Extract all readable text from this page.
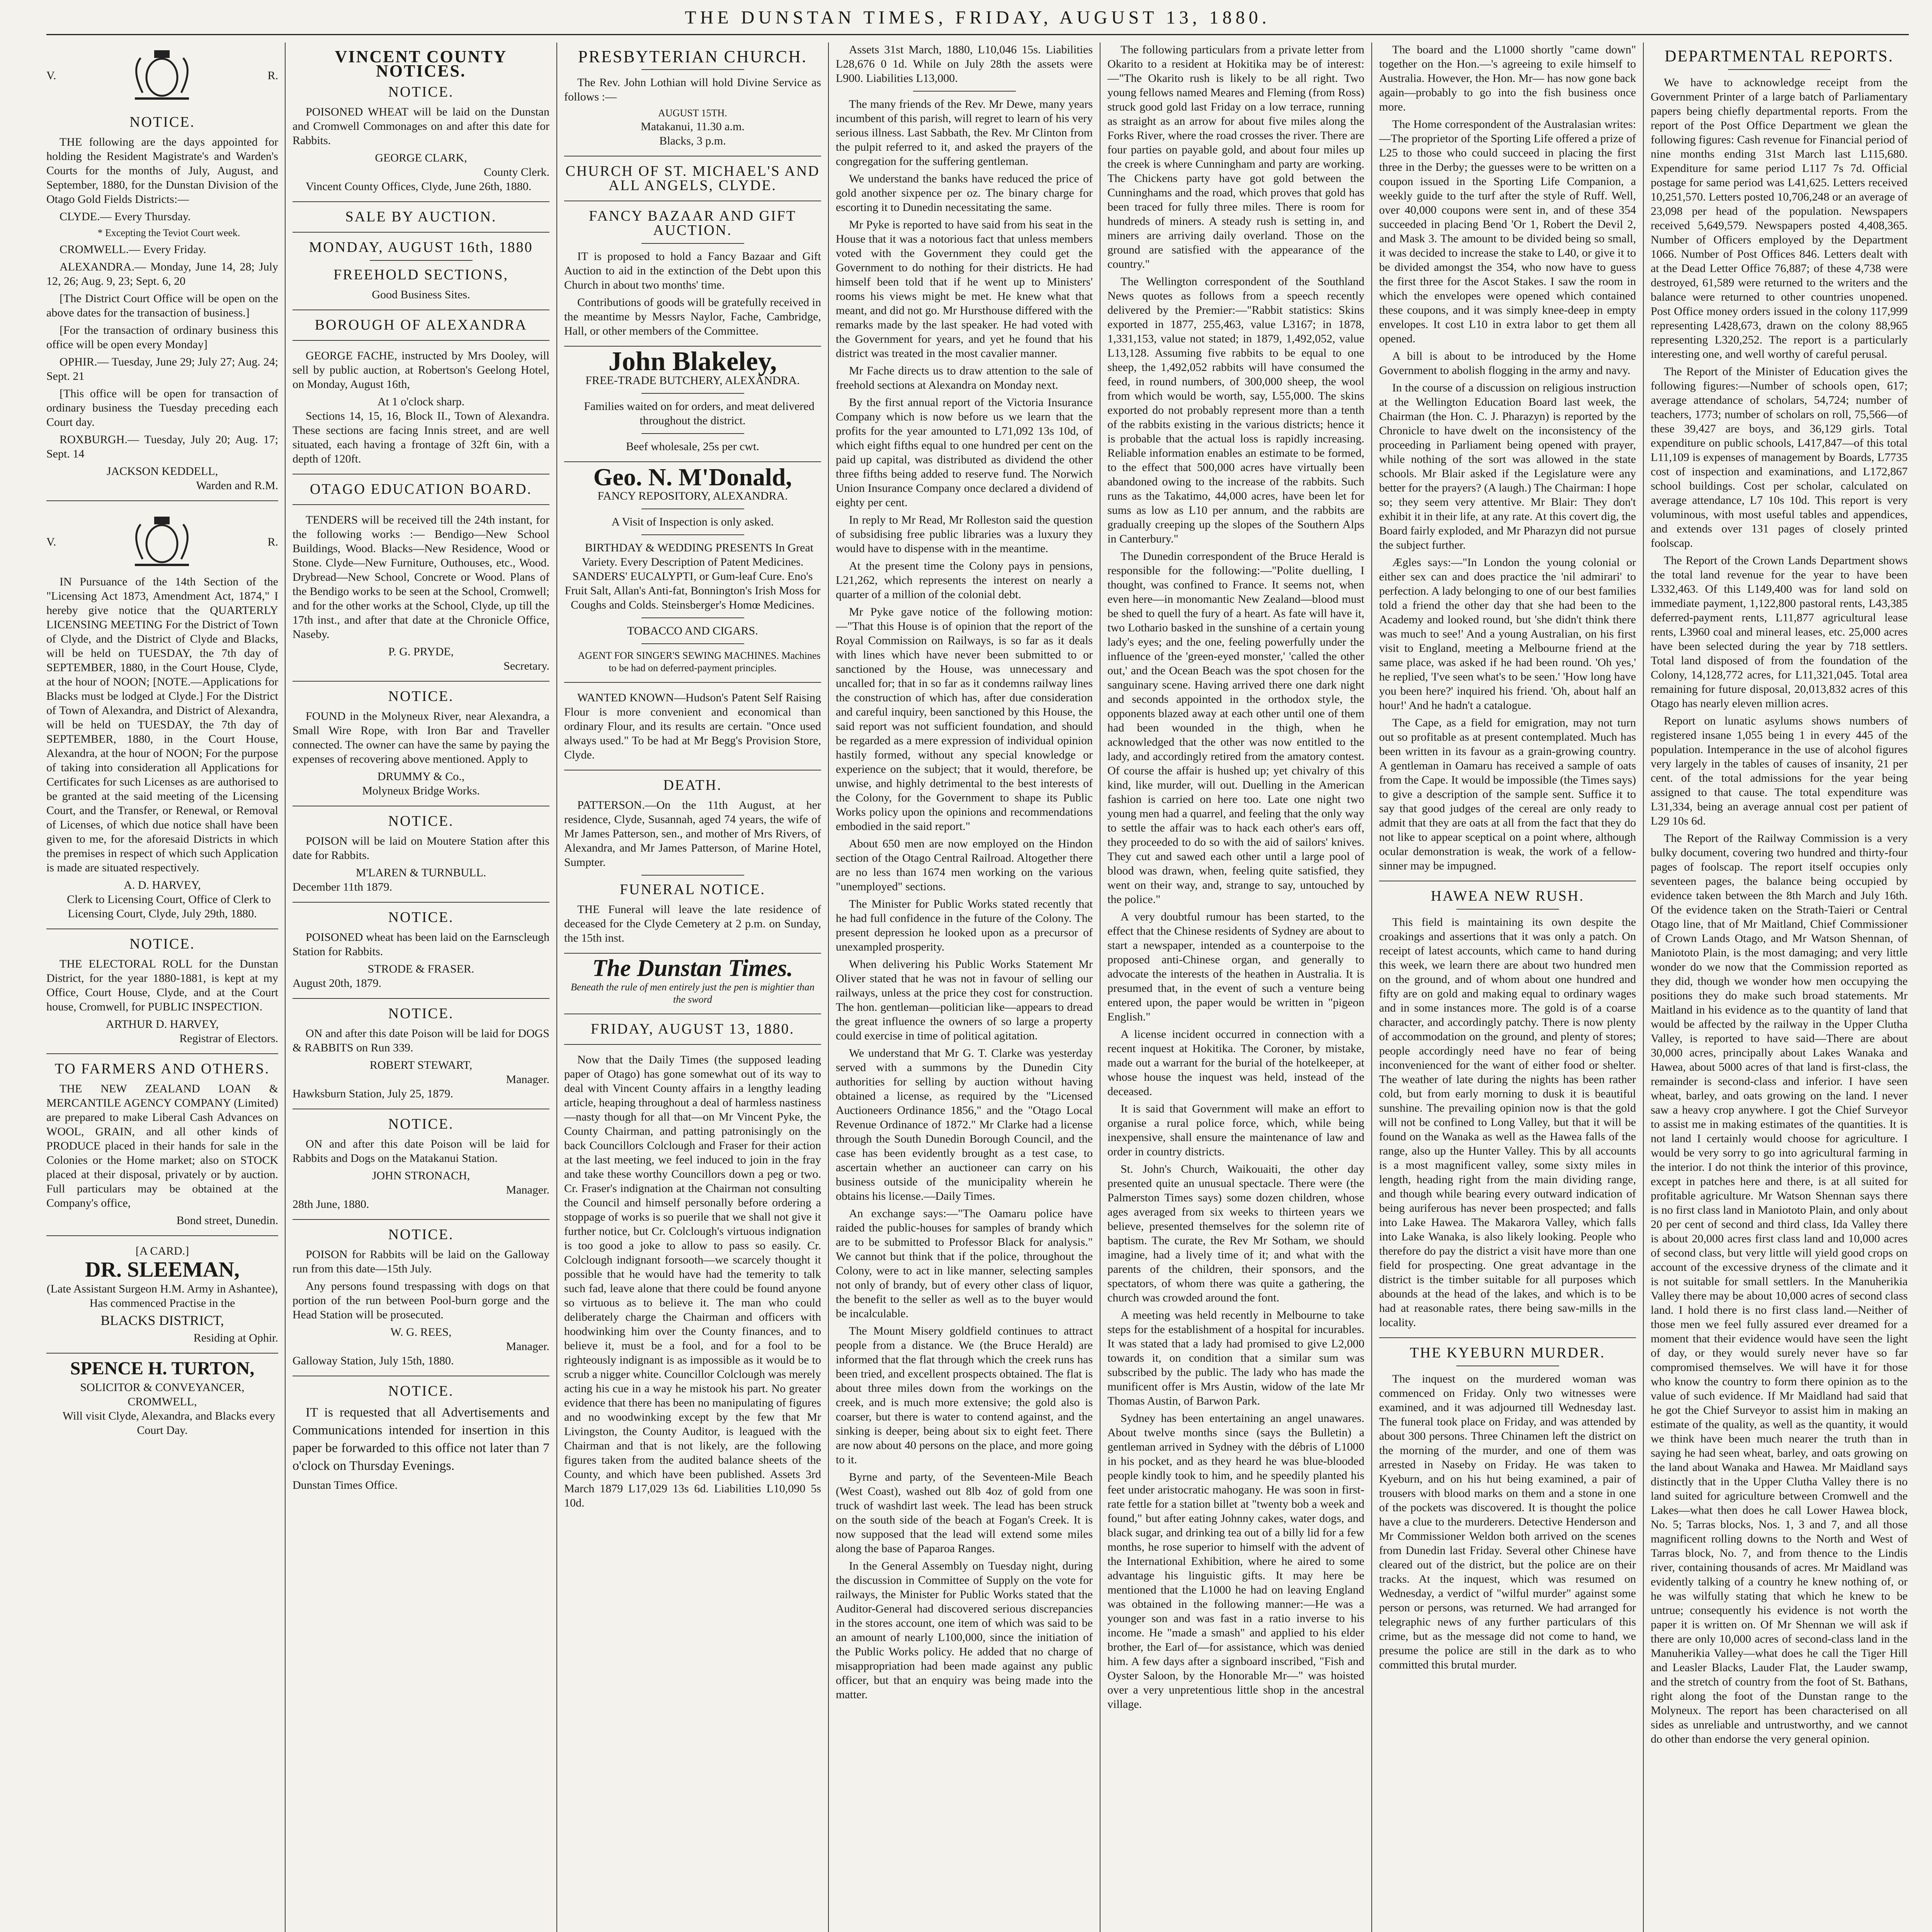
THE DUNSTAN TIMES, FRIDAY, AUGUST 13, 1880.
V.	R.
NOTICE.

THE following are the days appointed for holding the Resident Magistrate's and Warden's Courts for the months of July, August, and September, 1880, for the Dunstan Division of the Otago Gold Fields Districts:—

CLYDE.— Every Thursday.

* Excepting the Teviot Court week.

CROMWELL.— Every Friday.

ALEXANDRA.— Monday, June 14, 28; July 12, 26; Aug. 9, 23; Sept. 6, 20

[The District Court Office will be open on the above dates for the transaction of business.]

[For the transaction of ordinary business this office will be open every Monday]

OPHIR.— Tuesday, June 29; July 27; Aug. 24; Sept. 21

[This office will be open for transaction of ordinary business the Tuesday preceding each Court day.

ROXBURGH.— Tuesday, July 20; Aug. 17; Sept. 14

JACKSON KEDDELL,
Warden and R.M.
V.	R.

IN Pursuance of the 14th Section of the "Licensing Act 1873, Amendment Act, 1874," I hereby give notice that the QUARTERLY LICENSING MEETING For the District of Town of Clyde, and the District of Clyde and Blacks, will be held on TUESDAY, the 7th day of SEPTEMBER, 1880, in the Court House, Clyde, at the hour of NOON; [NOTE.—Applications for Blacks must be lodged at Clyde.] For the District of Town of Alexandra, and District of Alexandra, will be held on TUESDAY, the 7th day of SEPTEMBER, 1880, in the Court House, Alexandra, at the hour of NOON; For the purpose of taking into consideration all Applications for Certificates for such Licenses as are authorised to be granted at the said meeting of the Licensing Court, and the Transfer, or Renewal, or Removal of Licenses, of which due notice shall have been given to me, for the aforesaid Districts in which the premises in respect of which such Application is made are situated respectively.

A. D. HARVEY,

Clerk to Licensing Court, Office of Clerk to Licensing Court, Clyde, July 29th, 1880.

NOTICE.

THE ELECTORAL ROLL for the Dunstan District, for the year 1880-1881, is kept at my Office, Court House, Clyde, and at the Court house, Cromwell, for PUBLIC INSPECTION.

ARTHUR D. HARVEY,
Registrar of Electors.
TO FARMERS AND OTHERS.

THE NEW ZEALAND LOAN & MERCANTILE AGENCY COMPANY (Limited) are prepared to make Liberal Cash Advances on WOOL, GRAIN, and all other kinds of PRODUCE placed in their hands for sale in the Colonies or the Home market; also on STOCK placed at their disposal, privately or by auction. Full particulars may be obtained at the Company's office,

Bond street, Dunedin.
[A CARD.]
DR. SLEEMAN,
(Late Assistant Surgeon H.M. Army in Ashantee),
Has commenced Practise in the
BLACKS DISTRICT,
Residing at Ophir.
SPENCE H. TURTON,
SOLICITOR & CONVEYANCER,
CROMWELL,

Will visit Clyde, Alexandra, and Blacks every Court Day.

VINCENT COUNTY NOTICES.
NOTICE.

POISONED WHEAT will be laid on the Dunstan and Cromwell Commonages on and after this date for Rabbits.

GEORGE CLARK,
County Clerk.

Vincent County Offices, Clyde, June 26th, 1880.

SALE BY AUCTION.
MONDAY, AUGUST 16th, 1880
FREEHOLD SECTIONS,
Good Business Sites.
BOROUGH OF ALEXANDRA

GEORGE FACHE, instructed by Mrs Dooley, will sell by public auction, at Robertson's Geelong Hotel, on Monday, August 16th,

At 1 o'clock sharp.

Sections 14, 15, 16, Block II., Town of Alexandra. These sections are facing Innis street, and are well situated, each having a frontage of 32ft 6in, with a depth of 120ft.

OTAGO EDUCATION BOARD.

TENDERS will be received till the 24th instant, for the following works :— Bendigo—New School Buildings, Wood. Blacks—New Residence, Wood or Stone. Clyde—New Furniture, Outhouses, etc., Wood. Drybread—New School, Concrete or Wood. Plans of the Bendigo works to be seen at the School, Cromwell; and for the other works at the School, Clyde, up till the 17th inst., and after that date at the Chronicle Office, Naseby.

P. G. PRYDE,
Secretary.
NOTICE.

FOUND in the Molyneux River, near Alexandra, a Small Wire Rope, with Iron Bar and Traveller connected. The owner can have the same by paying the expenses of recovering above mentioned. Apply to

DRUMMY & Co.,
Molyneux Bridge Works.
NOTICE.

POISON will be laid on Moutere Station after this date for Rabbits.

M'LAREN & TURNBULL.
December 11th 1879.
NOTICE.

POISONED wheat has been laid on the Earnscleugh Station for Rabbits.

STRODE & FRASER.
August 20th, 1879.
NOTICE.

ON and after this date Poison will be laid for DOGS & RABBITS on Run 339.

ROBERT STEWART,
Manager.
Hawksburn Station, July 25, 1879.
NOTICE.

ON and after this date Poison will be laid for Rabbits and Dogs on the Matakanui Station.

JOHN STRONACH,
Manager.
28th June, 1880.
NOTICE.

POISON for Rabbits will be laid on the Galloway run from this date—15th July.

Any persons found trespassing with dogs on that portion of the run between Pool-burn gorge and the Head Station will be prosecuted.

W. G. REES,
Manager.
Galloway Station, July 15th, 1880.
NOTICE.

IT is requested that all Advertisements and Communications intended for insertion in this paper be forwarded to this office not later than 7 o'clock on Thursday Evenings.

Dunstan Times Office.
PRESBYTERIAN CHURCH.

The Rev. John Lothian will hold Divine Service as follows :—

AUGUST 15TH.
Matakanui, 11.30 a.m.
Blacks, 3 p.m.
CHURCH OF ST. MICHAEL'S AND ALL ANGELS, CLYDE.
FANCY BAZAAR AND GIFT AUCTION.

IT is proposed to hold a Fancy Bazaar and Gift Auction to aid in the extinction of the Debt upon this Church in about two months' time.

Contributions of goods will be gratefully received in the meantime by Messrs Naylor, Fache, Cambridge, Hall, or other members of the Committee.

John Blakeley,
FREE-TRADE BUTCHERY, ALEXANDRA.

Families waited on for orders, and meat delivered throughout the district.

Beef wholesale, 25s per cwt.
Geo. N. M'Donald,
FANCY REPOSITORY, ALEXANDRA.
A Visit of Inspection is only asked.

BIRTHDAY & WEDDING PRESENTS In Great Variety. Every Description of Patent Medicines. SANDERS' EUCALYPTI, or Gum-leaf Cure. Eno's Fruit Salt, Allan's Anti-fat, Bonnington's Irish Moss for Coughs and Colds. Steinsberger's Homœ Medicines.

TOBACCO AND CIGARS.

AGENT FOR SINGER'S SEWING MACHINES. Machines to be had on deferred-payment principles.

WANTED KNOWN—Hudson's Patent Self Raising Flour is more convenient and economical than ordinary Flour, and its results are certain. "Once used always used." To be had at Mr Begg's Provision Store, Clyde.

DEATH.

PATTERSON.—On the 11th August, at her residence, Clyde, Susannah, aged 74 years, the wife of Mr James Patterson, sen., and mother of Mrs Rivers, of Alexandra, and Mr James Patterson, of Marine Hotel, Sumpter.

FUNERAL NOTICE.

THE Funeral will leave the late residence of deceased for the Clyde Cemetery at 2 p.m. on Sunday, the 15th inst.

The Dunstan Times.
Beneath the rule of men entirely just the pen is mightier than the sword
FRIDAY, AUGUST 13, 1880.

Now that the Daily Times (the supposed leading paper of Otago) has gone somewhat out of its way to deal with Vincent County affairs in a lengthy leading article, heaping throughout a deal of harmless nastiness—nasty though for all that—on Mr Vincent Pyke, the County Chairman, and patting patronisingly on the back Councillors Colclough and Fraser for their action at the last meeting, we feel induced to join in the fray and take these worthy Councillors down a peg or two. Cr. Fraser's indignation at the Chairman not consulting the Council and himself personally before ordering a stoppage of works is so puerile that we shall not give it further notice, but Cr. Colclough's virtuous indignation is too good a joke to allow to pass so easily. Cr. Colclough indignant forsooth—we scarcely thought it possible that he would have had the temerity to talk such fad, leave alone that there could be found anyone so virtuous as to believe it. The man who could deliberately charge the Chairman and officers with hoodwinking him over the County finances, and to believe it, must be a fool, and for a fool to be righteously indignant is as impossible as it would be to scrub a nigger white. Councillor Colclough was merely acting his cue in a way he mistook his part. No greater evidence that there has been no manipulating of figures and no woodwinking except by the few that Mr Livingston, the County Auditor, is leagued with the Chairman and that is not likely, are the following figures taken from the audited balance sheets of the County, and which have been published. Assets 3rd March 1879 L17,029 13s 6d. Liabilities L10,090 5s 10d.

Assets 31st March, 1880, L10,046 15s. Liabilities L28,676 0 1d. While on July 28th the assets were L900. Liabilities L13,000.

The many friends of the Rev. Mr Dewe, many years incumbent of this parish, will regret to learn of his very serious illness. Last Sabbath, the Rev. Mr Clinton from the pulpit referred to it, and asked the prayers of the congregation for the suffering gentleman.

We understand the banks have reduced the price of gold another sixpence per oz. The binary charge for escorting it to Dunedin necessitating the same.

Mr Pyke is reported to have said from his seat in the House that it was a notorious fact that unless members voted with the Government they could get the Government to do nothing for their districts. He had himself been told that if he went up to Ministers' rooms his views might be met. He knew what that meant, and did not go. Mr Hursthouse differed with the remarks made by the last speaker. He had voted with the Government for years, and yet he found that his district was treated in the most cavalier manner.

Mr Fache directs us to draw attention to the sale of freehold sections at Alexandra on Monday next.

By the first annual report of the Victoria Insurance Company which is now before us we learn that the profits for the year amounted to L71,092 13s 10d, of which eight fifths equal to one hundred per cent on the paid up capital, was distributed as dividend the other three fifths being added to reserve fund. The Norwich Union Insurance Company once declared a dividend of eighty per cent.

In reply to Mr Read, Mr Rolleston said the question of subsidising free public libraries was a luxury they would have to dispense with in the meantime.

At the present time the Colony pays in pensions, L21,262, which represents the interest on nearly a quarter of a million of the colonial debt.

Mr Pyke gave notice of the following motion:—"That this House is of opinion that the report of the Royal Commission on Railways, is so far as it deals with lines which have never been submitted to or sanctioned by the House, was unnecessary and uncalled for; that in so far as it condemns railway lines the construction of which has, after due consideration and careful inquiry, been sanctioned by this House, the said report was not sufficient foundation, and should be regarded as a mere expression of individual opinion hastily formed, without any special knowledge or experience on the subject; that it would, therefore, be unwise, and highly detrimental to the best interests of the Colony, for the Government to shape its Public Works policy upon the opinions and recommendations embodied in the said report."

About 650 men are now employed on the Hindon section of the Otago Central Railroad. Altogether there are no less than 1674 men working on the various "unemployed" sections.

The Minister for Public Works stated recently that he had full confidence in the future of the Colony. The present depression he looked upon as a precursor of unexampled prosperity.

When delivering his Public Works Statement Mr Oliver stated that he was not in favour of selling our railways, unless at the price they cost for construction. The hon. gentleman—politician like—appears to dread the great influence the owners of so large a property could exercise in time of political agitation.

We understand that Mr G. T. Clarke was yesterday served with a summons by the Dunedin City authorities for selling by auction without having obtained a license, as required by the "Licensed Auctioneers Ordinance 1856," and the "Otago Local Revenue Ordinance of 1872." Mr Clarke had a license through the South Dunedin Borough Council, and the case has been evidently brought as a test case, to ascertain whether an auctioneer can carry on his business outside of the municipality wherein he obtains his license.—Daily Times.

An exchange says:—"The Oamaru police have raided the public-houses for samples of brandy which are to be submitted to Professor Black for analysis." We cannot but think that if the police, throughout the Colony, were to act in like manner, selecting samples not only of brandy, but of every other class of liquor, the benefit to the seller as well as to the buyer would be incalculable.

The Mount Misery goldfield continues to attract people from a distance. We (the Bruce Herald) are informed that the flat through which the creek runs has been tried, and excellent prospects obtained. The flat is about three miles down from the workings on the creek, and is much more extensive; the gold also is coarser, but there is water to contend against, and the sinking is deeper, being about six to eight feet. There are now about 40 persons on the place, and more going to it.

Byrne and party, of the Seventeen-Mile Beach (West Coast), washed out 8lb 4oz of gold from one truck of washdirt last week. The lead has been struck on the south side of the beach at Fogan's Creek. It is now supposed that the lead will extend some miles along the base of Paparoa Ranges.

In the General Assembly on Tuesday night, during the discussion in Committee of Supply on the vote for railways, the Minister for Public Works stated that the Auditor-General had discovered serious discrepancies in the stores account, one item of which was said to be an amount of nearly L100,000, since the initiation of the Public Works policy. He added that no charge of misappropriation had been made against any public officer, but that an enquiry was being made into the matter.

The following particulars from a private letter from Okarito to a resident at Hokitika may be of interest:—"The Okarito rush is likely to be all right. Two young fellows named Meares and Fleming (from Ross) struck good gold last Friday on a low terrace, running as straight as an arrow for about five miles along the Forks River, where the road crosses the river. There are four parties on payable gold, and about four miles up the creek is where Cunningham and party are working. The Chickens party have got gold between the Cunninghams and the road, which proves that gold has been traced for fully three miles. There is room for hundreds of miners. A steady rush is setting in, and miners are arriving daily overland. Those on the ground are satisfied with the appearance of the country."

The Wellington correspondent of the Southland News quotes as follows from a speech recently delivered by the Premier:—"Rabbit statistics: Skins exported in 1877, 255,463, value L3167; in 1878, 1,331,153, value not stated; in 1879, 1,492,052, value L13,128. Assuming five rabbits to be equal to one sheep, the 1,492,052 rabbits will have consumed the feed, in round numbers, of 300,000 sheep, the wool from which would be worth, say, L55,000. The skins exported do not probably represent more than a tenth of the rabbits existing in the various districts; hence it is probable that the actual loss is rapidly increasing. Reliable information enables an estimate to be formed, to the effect that 500,000 acres have virtually been abandoned owing to the increase of the rabbits. Such runs as the Takatimo, 44,000 acres, have been let for sums as low as L10 per annum, and the rabbits are gradually creeping up the slopes of the Southern Alps in Canterbury."

The Dunedin correspondent of the Bruce Herald is responsible for the following:—"Polite duelling, I thought, was confined to France. It seems not, when even here—in monomantic New Zealand—blood must be shed to quell the fury of a heart. As fate will have it, two Lothario basked in the sunshine of a certain young lady's eyes; and the one, feeling powerfully under the influence of the 'green-eyed monster,' 'called the other out,' and the Ocean Beach was the spot chosen for the sanguinary scene. Having arrived there one dark night and seconds appointed in the orthodox style, the opponents blazed away at each other until one of them had been wounded in the thigh, when he acknowledged that the other was now entitled to the lady, and accordingly retired from the amatory contest. Of course the affair is hushed up; yet chivalry of this kind, like murder, will out. Duelling in the American fashion is carried on here too. Late one night two young men had a quarrel, and feeling that the only way to settle the affair was to hack each other's ears off, they proceeded to do so with the aid of sailors' knives. They cut and sawed each other until a large pool of blood was drawn, when, feeling quite satisfied, they went on their way, and, strange to say, untouched by the police."

A very doubtful rumour has been started, to the effect that the Chinese residents of Sydney are about to start a newspaper, intended as a counterpoise to the proposed anti-Chinese organ, and generally to advocate the interests of the heathen in Australia. It is presumed that, in the event of such a venture being entered upon, the paper would be written in "pigeon English."

A license incident occurred in connection with a recent inquest at Hokitika. The Coroner, by mistake, made out a warrant for the burial of the hotelkeeper, at whose house the inquest was held, instead of the deceased.

It is said that Government will make an effort to organise a rural police force, which, while being inexpensive, shall ensure the maintenance of law and order in country districts.

St. John's Church, Waikouaiti, the other day presented quite an unusual spectacle. There were (the Palmerston Times says) some dozen children, whose ages averaged from six weeks to thirteen years we believe, presented themselves for the solemn rite of baptism. The curate, the Rev Mr Sotham, we should imagine, had a lively time of it; and what with the parents of the children, their sponsors, and the spectators, of whom there was quite a gathering, the church was crowded around the font.

A meeting was held recently in Melbourne to take steps for the establishment of a hospital for incurables. It was stated that a lady had promised to give L2,000 towards it, on condition that a similar sum was subscribed by the public. The lady who has made the munificent offer is Mrs Austin, widow of the late Mr Thomas Austin, of Barwon Park.

Sydney has been entertaining an angel unawares. About twelve months since (says the Bulletin) a gentleman arrived in Sydney with the débris of L1000 in his pocket, and as they heard he was blue-blooded people kindly took to him, and he speedily planted his feet under aristocratic mahogany. He was soon in first-rate fettle for a station billet at "twenty bob a week and found," but after eating Johnny cakes, water dogs, and black sugar, and drinking tea out of a billy lid for a few months, he rose superior to himself with the advent of the International Exhibition, where he aired to some advantage his linguistic gifts. It may here be mentioned that the L1000 he had on leaving England was obtained in the following manner:—He was a younger son and was fast in a ratio inverse to his income. He "made a smash" and applied to his elder brother, the Earl of—for assistance, which was denied him. A few days after a signboard inscribed, "Fish and Oyster Saloon, by the Honorable Mr—" was hoisted over a very unpretentious little shop in the ancestral village.

The board and the L1000 shortly "came down" together on the Hon.—'s agreeing to exile himself to Australia. However, the Hon. Mr— has now gone back again—probably to go into the fish business once more.

The Home correspondent of the Australasian writes:—The proprietor of the Sporting Life offered a prize of L25 to those who could succeed in placing the first three in the Derby; the guesses were to be written on a coupon issued in the Sporting Life Companion, a weekly guide to the turf after the style of Ruff. Well, over 40,000 coupons were sent in, and of these 354 succeeded in placing Bend 'Or 1, Robert the Devil 2, and Mask 3. The amount to be divided being so small, it was decided to increase the stake to L40, or give it to be divided amongst the 354, who now have to guess the first three for the Ascot Stakes. I saw the room in which the envelopes were opened which contained these coupons, and it was simply knee-deep in empty envelopes. It cost L10 in extra labor to get them all opened.

A bill is about to be introduced by the Home Government to abolish flogging in the army and navy.

In the course of a discussion on religious instruction at the Wellington Education Board last week, the Chairman (the Hon. C. J. Pharazyn) is reported by the Chronicle to have dwelt on the inconsistency of the proceeding in Parliament being opened with prayer, while nothing of the sort was allowed in the state schools. Mr Blair asked if the Legislature were any better for the prayers? (A laugh.) The Chairman: I hope so; they seem very attentive. Mr Blair: They don't exhibit it in their life, at any rate. At this covert dig, the Board fairly exploded, and Mr Pharazyn did not pursue the subject further.

Ægles says:—"In London the young colonial or either sex can and does practice the 'nil admirari' to perfection. A lady belonging to one of our best families told a friend the other day that she had been to the Academy and looked round, but 'she didn't think there was much to see!' And a young Australian, on his first visit to England, meeting a Melbourne friend at the same place, was asked if he had been round. 'Oh yes,' he replied, 'I've seen what's to be seen.' 'How long have you been here?' inquired his friend. 'Oh, about half an hour!' And he hadn't a catalogue.

The Cape, as a field for emigration, may not turn out so profitable as at present contemplated. Much has been written in its favour as a grain-growing country. A gentleman in Oamaru has received a sample of oats from the Cape. It would be impossible (the Times says) to give a description of the sample sent. Suffice it to say that good judges of the cereal are only ready to admit that they are oats at all from the fact that they do not like to appear sceptical on a point where, although ocular demonstration is weak, the work of a fellow-sinner may be impugned.

HAWEA NEW RUSH.

This field is maintaining its own despite the croakings and assertions that it was only a patch. On receipt of latest accounts, which came to hand during this week, we learn there are about two hundred men on the ground, and of whom about one hundred and fifty are on gold and making equal to ordinary wages and in some instances more. The gold is of a coarse character, and accordingly patchy. There is now plenty of accommodation on the ground, and plenty of stores; people accordingly need have no fear of being inconvenienced for the want of either food or shelter. The weather of late during the nights has been rather cold, but from early morning to dusk it is beautiful sunshine. The prevailing opinion now is that the gold will not be confined to Long Valley, but that it will be found on the Wanaka as well as the Hawea falls of the range, also up the Hunter Valley. This by all accounts is a most magnificent valley, some sixty miles in length, heading right from the main dividing range, and though while bearing every outward indication of being auriferous has never been prospected; and falls into Lake Hawea. The Makarora Valley, which falls into Lake Wanaka, is also likely looking. People who therefore do pay the district a visit have more than one field for prospecting. One great advantage in the district is the timber suitable for all purposes which abounds at the head of the lakes, and which is to be had at reasonable rates, there being saw-mills in the locality.

THE KYEBURN MURDER.

The inquest on the murdered woman was commenced on Friday. Only two witnesses were examined, and it was adjourned till Wednesday last. The funeral took place on Friday, and was attended by about 300 persons. Three Chinamen left the district on the morning of the murder, and one of them was arrested in Naseby on Friday. He was taken to Kyeburn, and on his hut being examined, a pair of trousers with blood marks on them and a stone in one of the pockets was discovered. It is thought the police have a clue to the murderers. Detective Henderson and Mr Commissioner Weldon both arrived on the scenes from Dunedin last Friday. Several other Chinese have cleared out of the district, but the police are on their tracks. At the inquest, which was resumed on Wednesday, a verdict of "wilful murder" against some person or persons, was returned. We had arranged for telegraphic news of any further particulars of this crime, but as the message did not come to hand, we presume the police are still in the dark as to who committed this brutal murder.

DEPARTMENTAL REPORTS.

We have to acknowledge receipt from the Government Printer of a large batch of Parliamentary papers being chiefly departmental reports. From the report of the Post Office Department we glean the following figures: Cash revenue for Financial period of nine months ending 31st March last L115,680. Expenditure for same period L117 7s 7d. Official postage for same period was L41,625. Letters received 10,251,570. Letters posted 10,706,248 or an average of 23,098 per head of the population. Newspapers received 5,649,579. Newspapers posted 4,408,365. Number of Officers employed by the Department 1066. Number of Post Offices 846. Letters dealt with at the Dead Letter Office 76,887; of these 4,738 were destroyed, 61,589 were returned to the writers and the balance were returned to other countries unopened. Post Office money orders issued in the colony 117,999 representing L428,673, drawn on the colony 88,965 representing L320,252. The report is a particularly interesting one, and well worthy of careful perusal.

The Report of the Minister of Education gives the following figures:—Number of schools open, 617; average attendance of scholars, 54,724; number of teachers, 1773; number of scholars on roll, 75,566—of these 39,427 are boys, and 36,129 girls. Total expenditure on public schools, L417,847—of this total L11,109 is expenses of management by Boards, L7735 cost of inspection and examinations, and L172,867 school buildings. Cost per scholar, calculated on average attendance, L7 10s 10d. This report is very voluminous, with most useful tables and appendices, and extends over 131 pages of closely printed foolscap.

The Report of the Crown Lands Department shows the total land revenue for the year to have been L332,463. Of this L149,400 was for land sold on immediate payment, 1,122,800 pastoral rents, L43,385 deferred-payment rents, L11,877 agricultural lease rents, L3960 coal and mineral leases, etc. 25,000 acres have been selected during the year by 718 settlers. Total land disposed of from the foundation of the Colony, 14,128,772 acres, for L11,321,045. Total area remaining for future disposal, 20,013,832 acres of this Otago has nearly eleven million acres.

Report on lunatic asylums shows numbers of registered insane 1,055 being 1 in every 445 of the population. Intemperance in the use of alcohol figures very largely in the tables of causes of insanity, 21 per cent. of the total admissions for the year being assigned to that cause. The total expenditure was L31,334, being an average annual cost per patient of L29 10s 6d.

The Report of the Railway Commission is a very bulky document, covering two hundred and thirty-four pages of foolscap. The report itself occupies only seventeen pages, the balance being occupied by evidence taken between the 8th March and July 16th. Of the evidence taken on the Strath-Taieri or Central Otago line, that of Mr Maitland, Chief Commissioner of Crown Lands Otago, and Mr Watson Shennan, of Maniototo Plain, is the most damaging; and very little wonder do we now that the Commission reported as they did, though we wonder how men occupying the positions they do make such broad statements. Mr Maitland in his evidence as to the quantity of land that would be affected by the railway in the Upper Clutha Valley, is reported to have said—There are about 30,000 acres, principally about Lakes Wanaka and Hawea, about 5000 acres of that land is first-class, the remainder is second-class and inferior. I have seen wheat, barley, and oats growing on the land. I never saw a heavy crop anywhere. I got the Chief Surveyor to assist me in making estimates of the quantities. It is not land I certainly would choose for agriculture. I would be very sorry to go into agricultural farming in the interior. I do not think the interior of this province, except in patches here and there, is at all suited for profitable agriculture. Mr Watson Shennan says there is no first class land in Maniototo Plain, and only about 20 per cent of second and third class, Ida Valley there is about 20,000 acres first class land and 10,000 acres of second class, but very little will yield good crops on account of the excessive dryness of the climate and it is not suitable for small settlers. In the Manuherikia Valley there may be about 10,000 acres of second class land. I hold there is no first class land.—Neither of those men we feel fully assured ever dreamed for a moment that their evidence would have seen the light of day, or they would surely never have so far compromised themselves. We will have it for those who know the country to form there opinion as to the value of such evidence. If Mr Maidland had said that he got the Chief Surveyor to assist him in making an estimate of the quality, as well as the quantity, it would we think have been much nearer the truth than in saying he had seen wheat, barley, and oats growing on the land about Wanaka and Hawea. Mr Maidland says distinctly that in the Upper Clutha Valley there is no land suited for agriculture between Cromwell and the Lakes—what then does he call Lower Hawea block, No. 5; Tarras blocks, Nos. 1, 3 and 7, and all those magnificent rolling downs to the North and West of Tarras block, No. 7, and from thence to the Lindis river, containing thousands of acres. Mr Maidland was evidently talking of a country he knew nothing of, or he was wilfully stating that which he knew to be untrue; consequently his evidence is not worth the paper it is written on. Of Mr Shennan we will ask if there are only 10,000 acres of second-class land in the Manuherikia Valley—what does he call the Tiger Hill and Leasler Blacks, Lauder Flat, the Lauder swamp, and the stretch of country from the foot of St. Bathans, right along the foot of the Dunstan range to the Molyneux. The report has been characterised on all sides as unreliable and untrustworthy, and we cannot do other than endorse the very general opinion.
